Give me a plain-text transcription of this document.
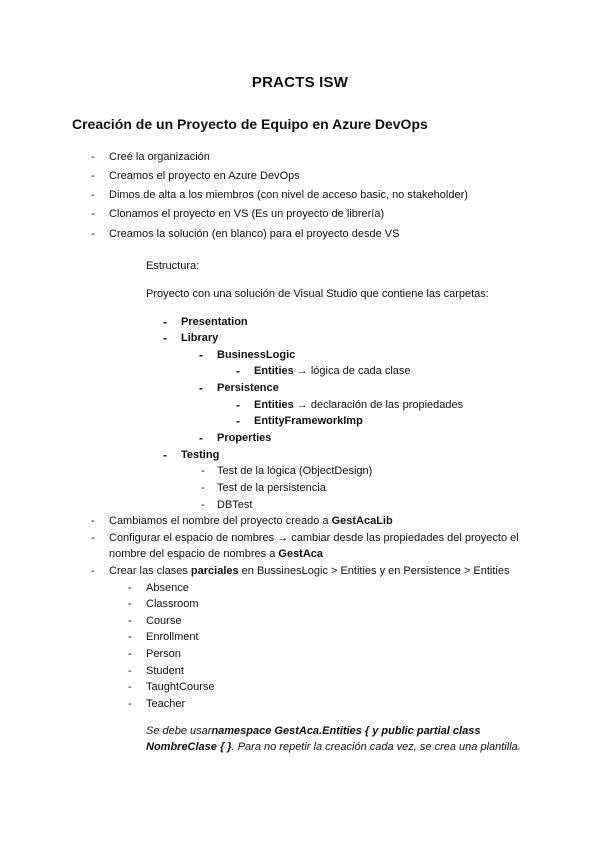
PRACTS ISW
Creación de un Proyecto de Equipo en Azure DevOps
- Creé la organización
- Creamos el proyecto en Azure DevOps
- Dimos de alta a los miembros (con nivel de acceso basic, no stakeholder)
- Clonamos el proyecto en VS (Es un proyecto de librería)
- Creamos la solución (en blanco) para el proyecto desde VS
Estructura:
Proyecto con una solución de Visual Studio que contiene las carpetas:
- Presentation
- Library
- BusinessLogic
- Entities → lógica de cada clase
- Persistence
- Entities → declaración de las propiedades
- EntityFrameworkImp
- Properties
- Testing
- Test de la lógica (ObjectDesign)
- Test de la persistencia
- DBTest
- Cambiamos el nombre del proyecto creado a GestAcaLib
- Configurar el espacio de nombres → cambiar desde las propiedades del proyecto el
nombre del espacio de nombres a GestAca
- Crear las clases parciales en BussinesLogic > Entities y en Persistence > Entities
- Absence
- Classroom
- Course
- Enrollment
- Person
- Student
- TaughtCourse
- Teacher
Se debe usarnamespace GestAca.Entities { y public partial class
NombreClase { }. Para no repetir la creación cada vez, se crea una plantilla.
